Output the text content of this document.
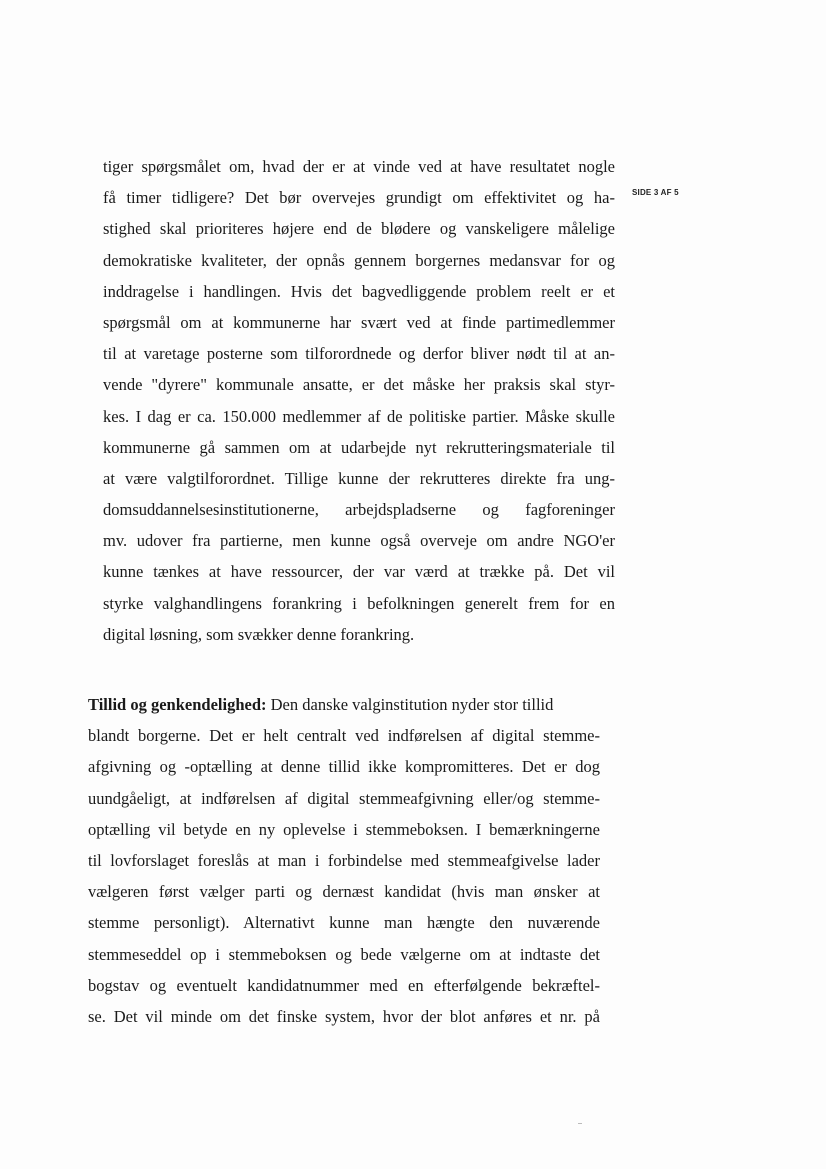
SIDE 3 AF 5
tiger spørgsmålet om, hvad der er at vinde ved at have resultatet nogle
få timer tidligere? Det bør overvejes grundigt om effektivitet og ha-
stighed skal prioriteres højere end de blødere og vanskeligere målelige
demokratiske kvaliteter, der opnås gennem borgernes medansvar for og
inddragelse i handlingen. Hvis det bagvedliggende problem reelt er et
spørgsmål om at kommunerne har svært ved at finde partimedlemmer
til at varetage posterne som tilforordnede og derfor bliver nødt til at an-
vende "dyrere" kommunale ansatte, er det måske her praksis skal styr-
kes. I dag er ca. 150.000 medlemmer af de politiske partier. Måske skulle
kommunerne gå sammen om at udarbejde nyt rekrutteringsmateriale til
at være valgtilforordnet. Tillige kunne der rekrutteres direkte fra ung-
domsuddannelsesinstitutionerne, arbejdspladserne og fagforeninger
mv. udover fra partierne, men kunne også overveje om andre NGO'er
kunne tænkes at have ressourcer, der var værd at trække på. Det vil
styrke valghandlingens forankring i befolkningen generelt frem for en
digital løsning, som svækker denne forankring.
Tillid og genkendelighed: Den danske valginstitution nyder stor tillid
blandt borgerne. Det er helt centralt ved indførelsen af digital stemme-
afgivning og -optælling at denne tillid ikke kompromitteres. Det er dog
uundgåeligt, at indførelsen af digital stemmeafgivning eller/og stemme-
optælling vil betyde en ny oplevelse i stemmeboksen. I bemærkningerne
til lovforslaget foreslås at man i forbindelse med stemmeafgivelse lader
vælgeren først vælger parti og dernæst kandidat (hvis man ønsker at
stemme personligt). Alternativt kunne man hængte den nuværende
stemmeseddel op i stemmeboksen og bede vælgerne om at indtaste det
bogstav og eventuelt kandidatnummer med en efterfølgende bekræftel-
se. Det vil minde om det finske system, hvor der blot anføres et nr. på
